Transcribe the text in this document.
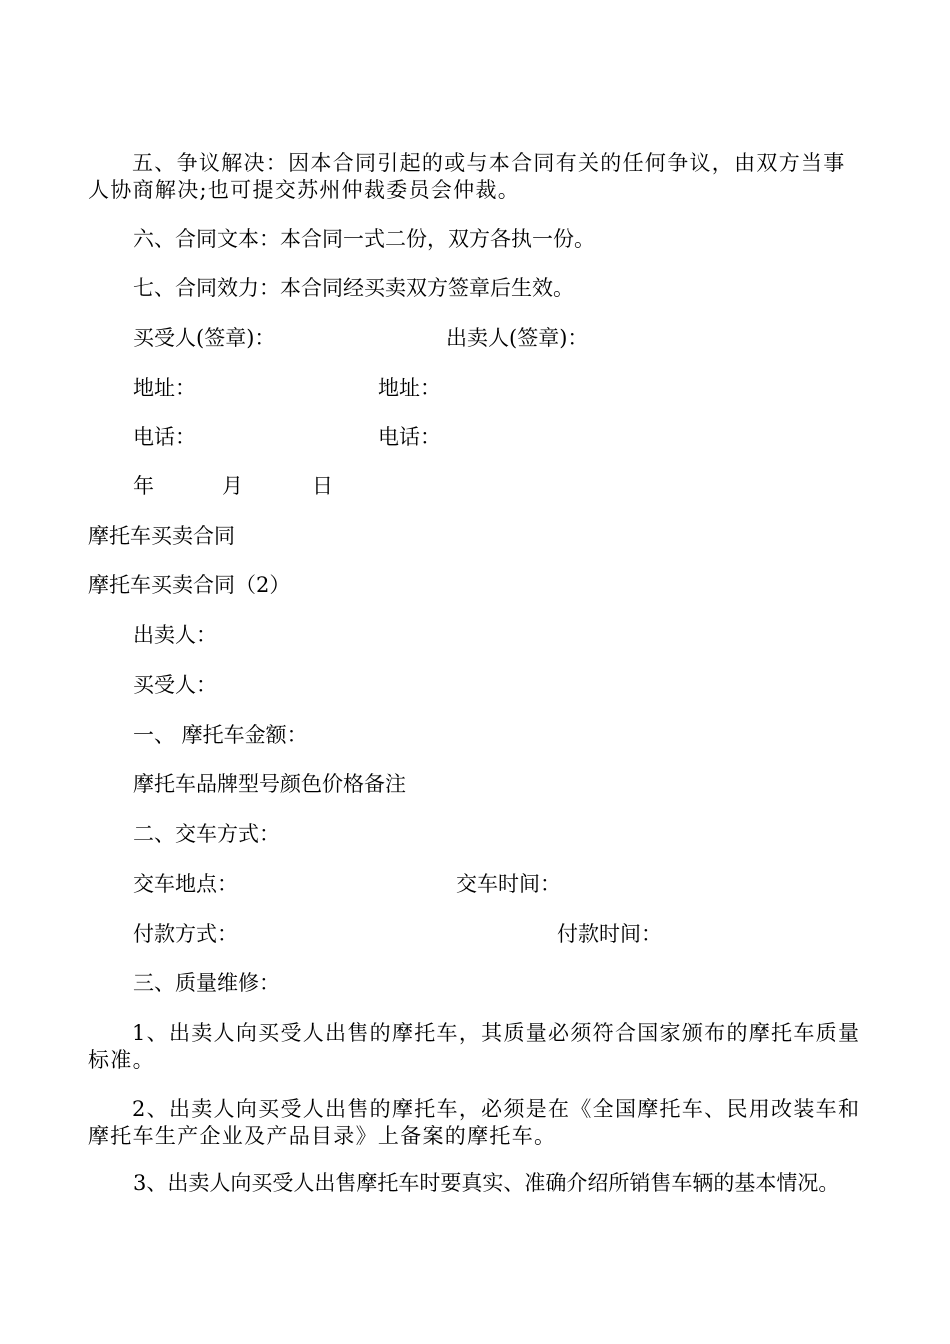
五、争议解决：因本合同引起的或与本合同有关的任何争议，由双方当事
人协商解决;也可提交苏州仲裁委员会仲裁。
六、合同文本：本合同一式二份，双方各执一份。
七、合同效力：本合同经买卖双方签章后生效。
买受人(签章)：	出卖人(签章)：
地址：	地址：
电话：	电话：
年	月	日
摩托车买卖合同
摩托车买卖合同（2）
出卖人：
买受人：
一、 摩托车金额：
摩托车品牌型号颜色价格备注
二、交车方式：
交车地点：	交车时间：
付款方式：	付款时间：
三、质量维修：
1、出卖人向买受人出售的摩托车，其质量必须符合国家颁布的摩托车质量
标准。
2、出卖人向买受人出售的摩托车，必须是在《全国摩托车、民用改装车和
摩托车生产企业及产品目录》上备案的摩托车。
3、出卖人向买受人出售摩托车时要真实、准确介绍所销售车辆的基本情况。
